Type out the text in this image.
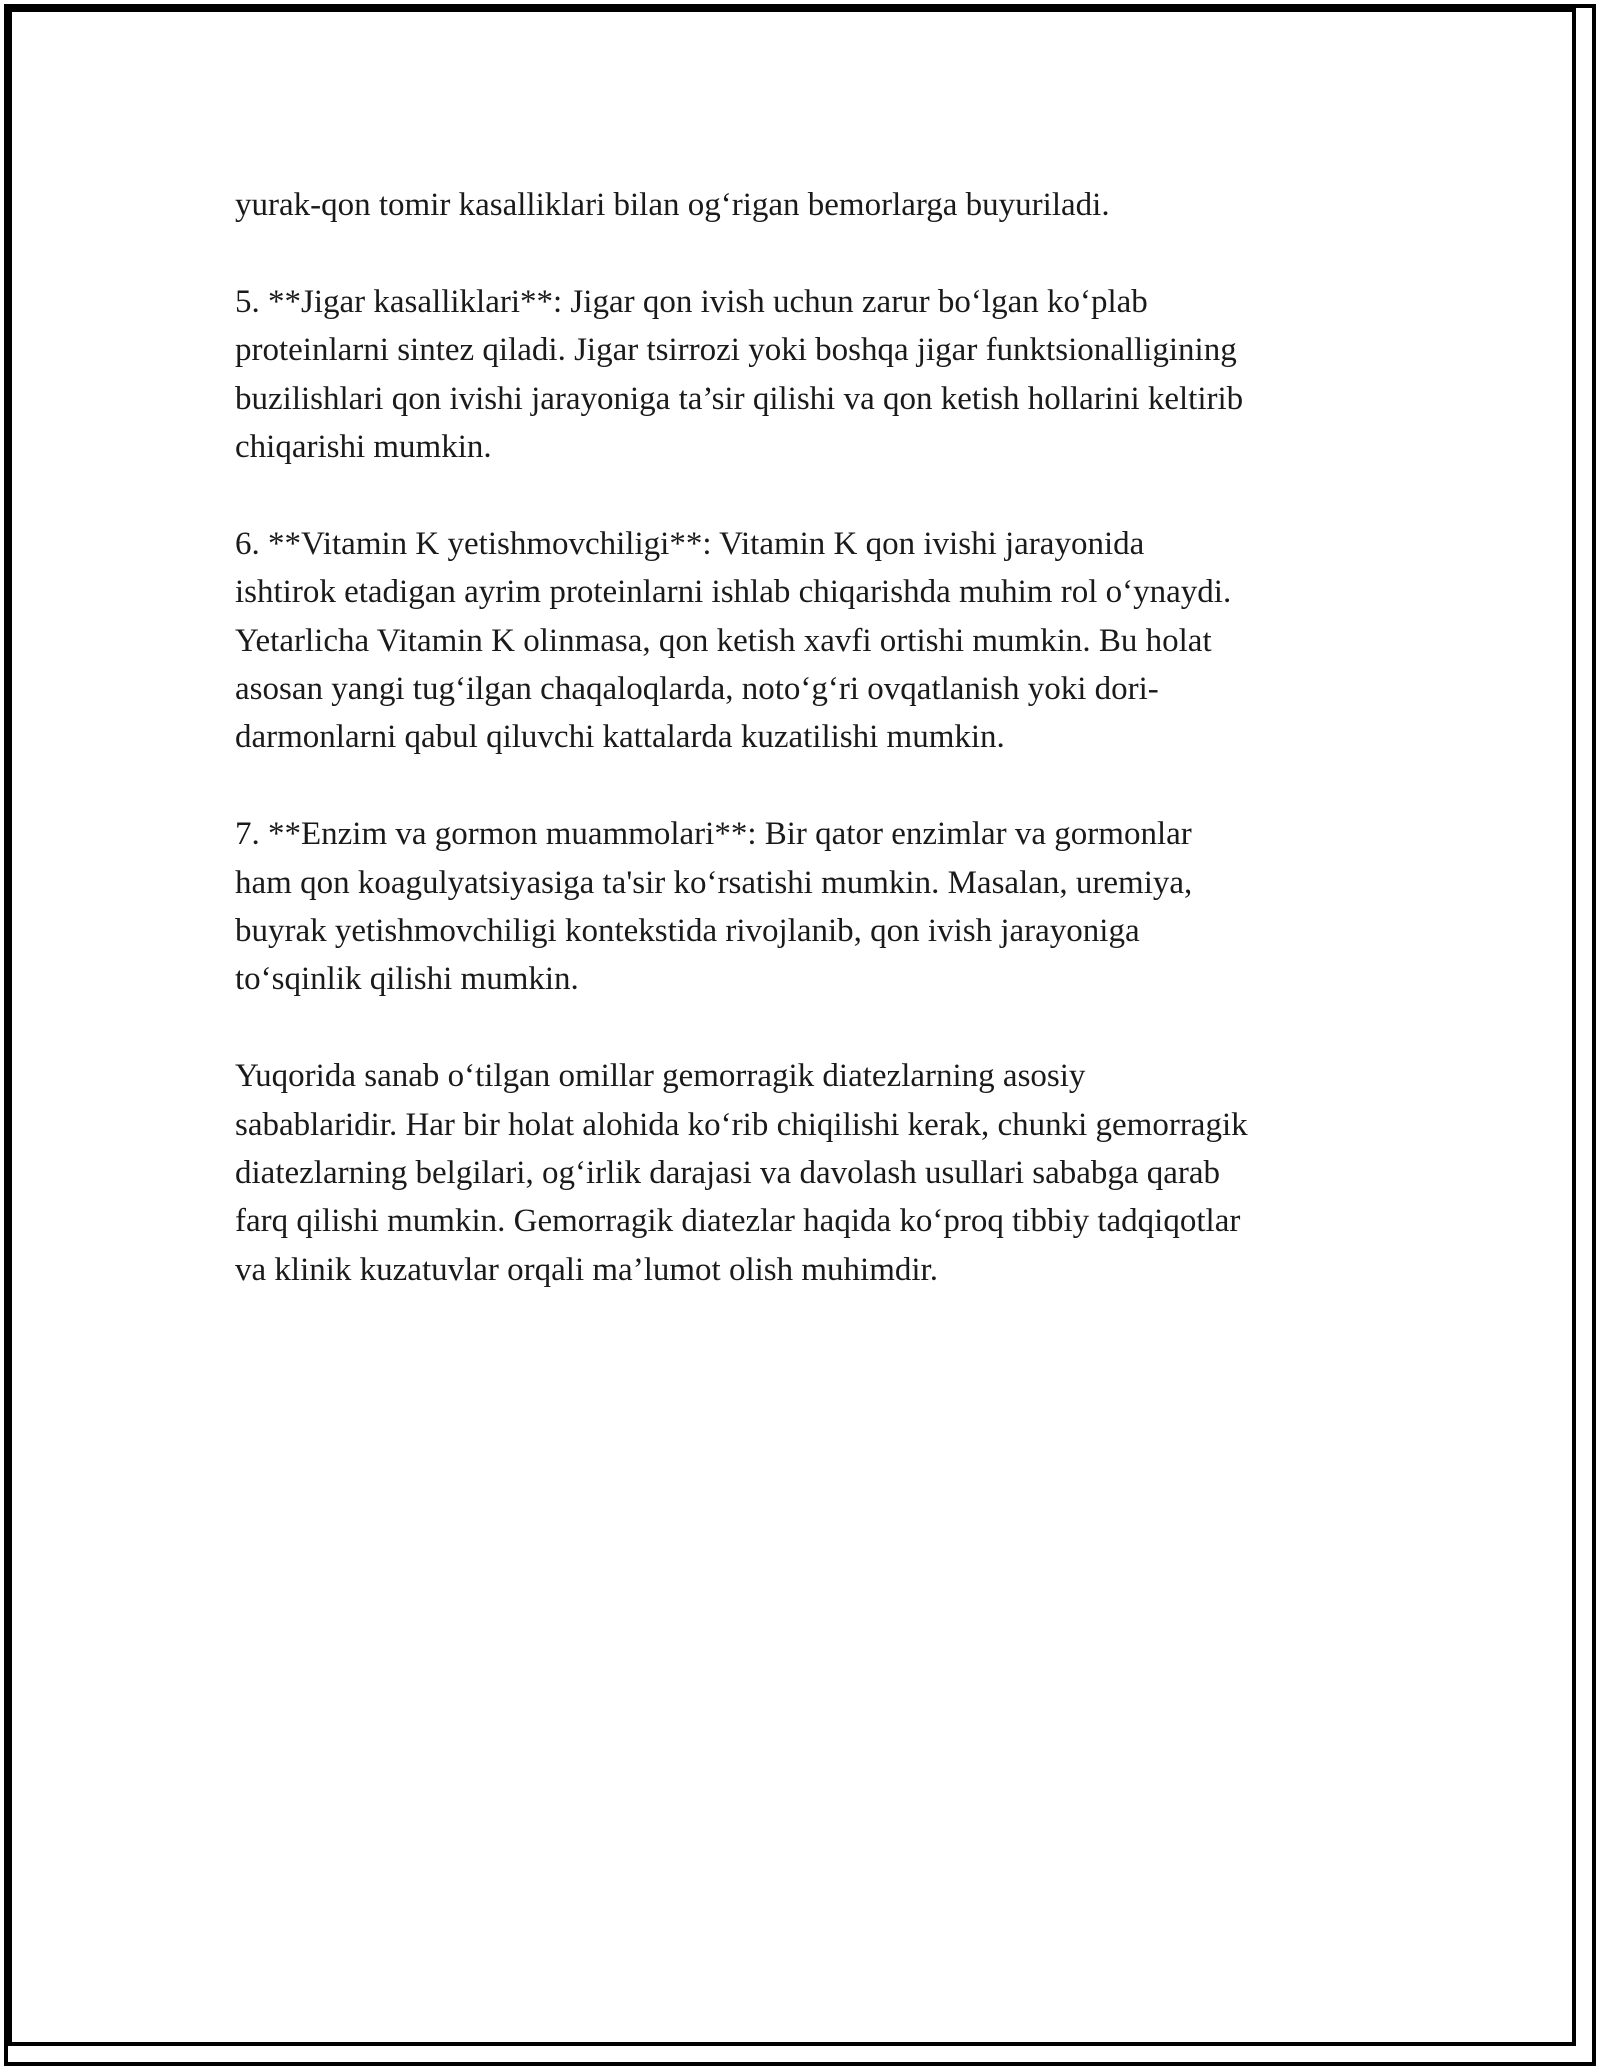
yurak-qon tomir kasalliklari bilan og‘rigan bemorlarga buyuriladi.

5. **Jigar kasalliklari**: Jigar qon ivish uchun zarur bo‘lgan ko‘plab
proteinlarni sintez qiladi. Jigar tsirrozi yoki boshqa jigar funktsionalligining
buzilishlari qon ivishi jarayoniga ta’sir qilishi va qon ketish hollarini keltirib
chiqarishi mumkin.

6. **Vitamin K yetishmovchiligi**: Vitamin K qon ivishi jarayonida
ishtirok etadigan ayrim proteinlarni ishlab chiqarishda muhim rol o‘ynaydi.
Yetarlicha Vitamin K olinmasa, qon ketish xavfi ortishi mumkin. Bu holat
asosan yangi tug‘ilgan chaqaloqlarda, noto‘g‘ri ovqatlanish yoki dori-
darmonlarni qabul qiluvchi kattalarda kuzatilishi mumkin.

7. **Enzim va gormon muammolari**: Bir qator enzimlar va gormonlar
ham qon koagulyatsiyasiga ta'sir ko‘rsatishi mumkin. Masalan, uremiya,
buyrak yetishmovchiligi kontekstida rivojlanib, qon ivish jarayoniga
to‘sqinlik qilishi mumkin.

Yuqorida sanab o‘tilgan omillar gemorragik diatezlarning asosiy
sabablaridir. Har bir holat alohida ko‘rib chiqilishi kerak, chunki gemorragik
diatezlarning belgilari, og‘irlik darajasi va davolash usullari sababga qarab
farq qilishi mumkin. Gemorragik diatezlar haqida ko‘proq tibbiy tadqiqotlar
va klinik kuzatuvlar orqali ma’lumot olish muhimdir.
